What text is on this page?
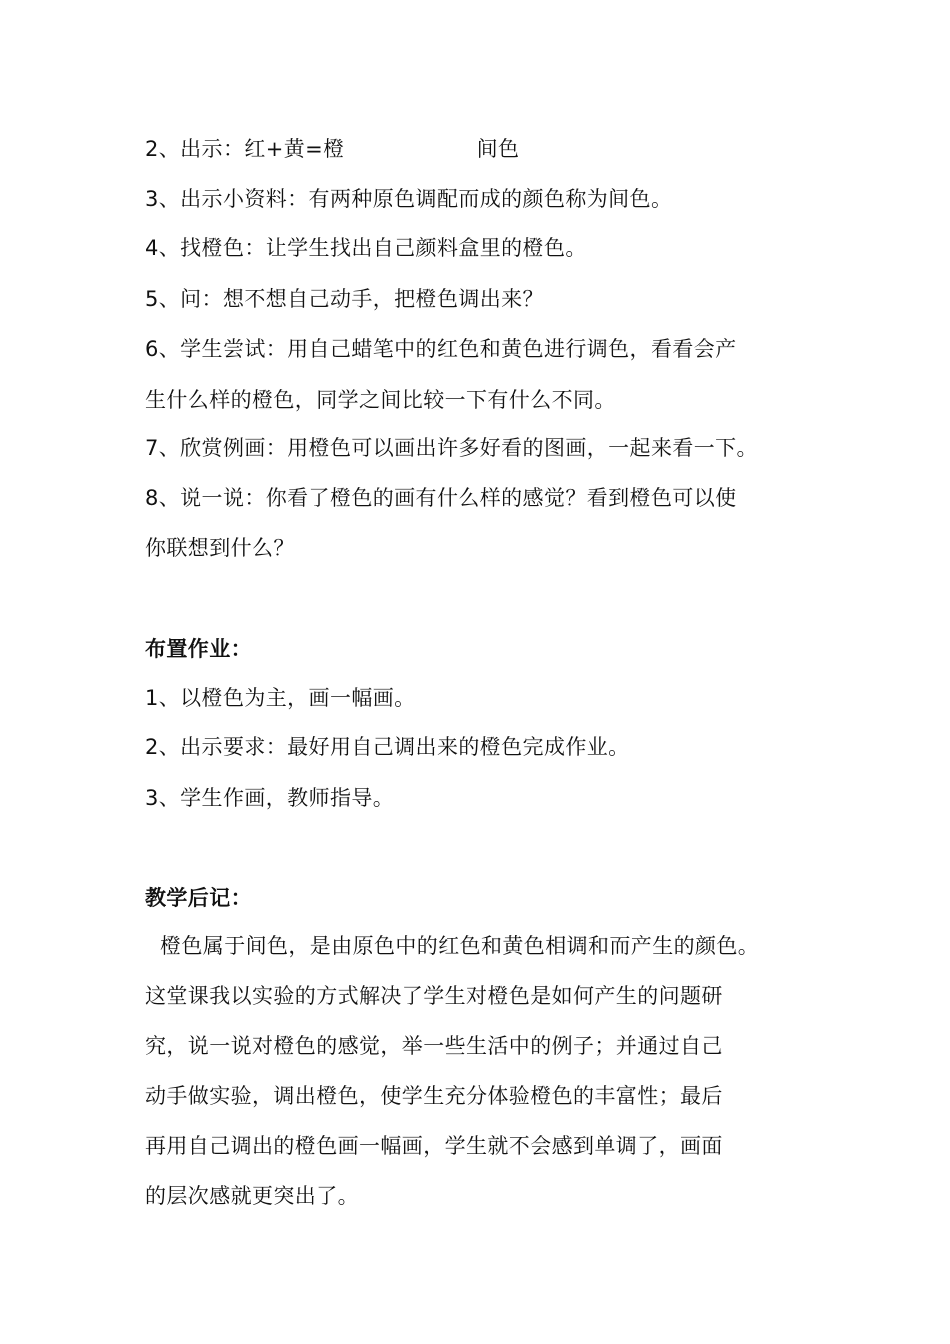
2、出示：红+黄=橙	间色
3、出示小资料：有两种原色调配而成的颜色称为间色。
4、找橙色：让学生找出自己颜料盒里的橙色。
5、问：想不想自己动手，把橙色调出来？
6、学生尝试：用自己蜡笔中的红色和黄色进行调色，看看会产
生什么样的橙色，同学之间比较一下有什么不同。
7、欣赏例画：用橙色可以画出许多好看的图画，一起来看一下。
8、说一说：你看了橙色的画有什么样的感觉？看到橙色可以使
你联想到什么？
布置作业：
1、以橙色为主，画一幅画。
2、出示要求：最好用自己调出来的橙色完成作业。
3、学生作画，教师指导。
教学后记：
橙色属于间色，是由原色中的红色和黄色相调和而产生的颜色。
这堂课我以实验的方式解决了学生对橙色是如何产生的问题研
究，说一说对橙色的感觉，举一些生活中的例子；并通过自己
动手做实验，调出橙色，使学生充分体验橙色的丰富性；最后
再用自己调出的橙色画一幅画，学生就不会感到单调了，画面
的层次感就更突出了。
